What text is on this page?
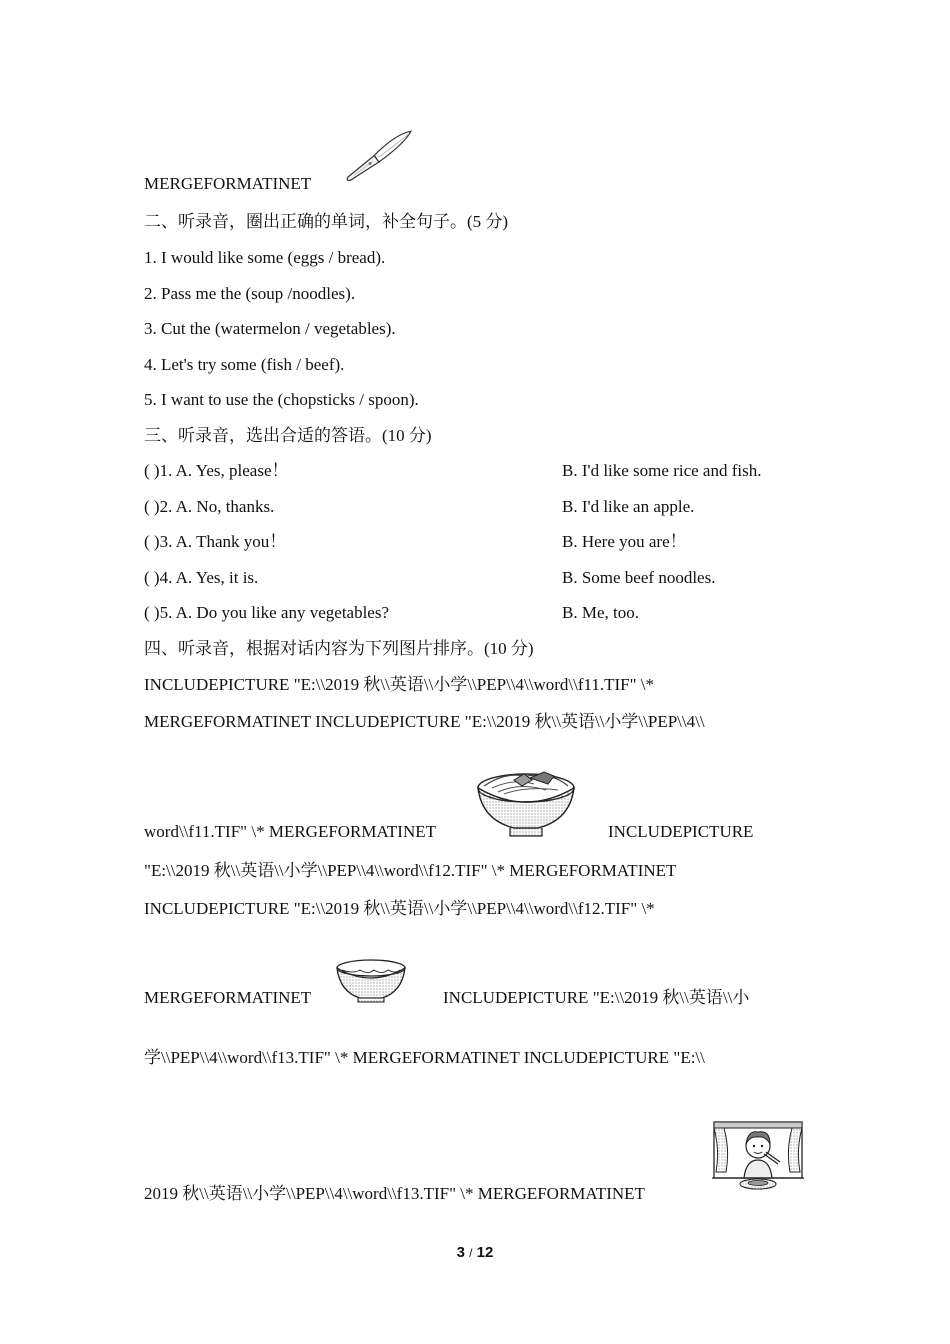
MERGEFORMATINET
二、听录音，圈出正确的单词，补全句子。(5 分)
1. I would like some (eggs / bread).
2. Pass me the (soup /noodles).
3. Cut the (watermelon / vegetables).
4. Let's try some (fish / beef).
5. I want to use the (chopsticks / spoon).
三、听录音，选出合适的答语。(10 分)
( )1. A. Yes, please！	B. I'd like some rice and fish.
( )2. A. No, thanks.	B. I'd like an apple.
( )3. A. Thank you！	B. Here you are！
( )4. A. Yes, it is.	B. Some beef noodles.
( )5. A. Do you like any vegetables?	B. Me, too.
四、听录音，根据对话内容为下列图片排序。(10 分)
INCLUDEPICTURE "E:\\2019 秋\\英语\\小学\\PEP\\4\\word\\f11.TIF" \*
MERGEFORMATINET INCLUDEPICTURE "E:\\2019 秋\\英语\\小学\\PEP\\4\\
word\\f11.TIF" \* MERGEFORMATINET	INCLUDEPICTURE
"E:\\2019 秋\\英语\\小学\\PEP\\4\\word\\f12.TIF" \* MERGEFORMATINET
INCLUDEPICTURE "E:\\2019 秋\\英语\\小学\\PEP\\4\\word\\f12.TIF" \*
MERGEFORMATINET	INCLUDEPICTURE "E:\\2019 秋\\英语\\小
学\\PEP\\4\\word\\f13.TIF" \* MERGEFORMATINET INCLUDEPICTURE "E:\\
2019 秋\\英语\\小学\\PEP\\4\\word\\f13.TIF" \* MERGEFORMATINET
3 / 12
